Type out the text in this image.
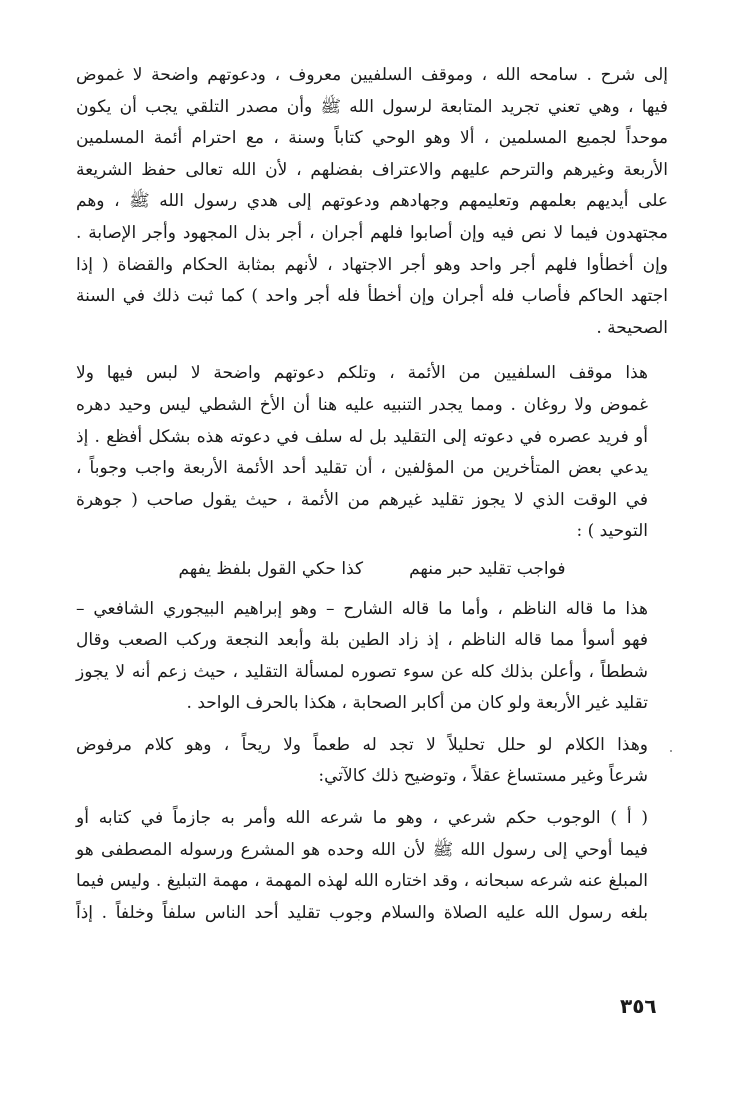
إلى شرح . سامحه الله ، وموقف السلفيين معروف ، ودعوتهم واضحة لا غموض
فيها ، وهي تعني تجريد المتابعة لرسول الله ﷺ وأن مصدر التلقي يجب أن يكون
موحداً لجميع المسلمين ، ألا وهو الوحي كتاباً وسنة ، مع احترام أئمة المسلمين
الأربعة وغيرهم والترحم عليهم والاعتراف بفضلهم ، لأن الله تعالى حفظ الشريعة
على أيديهم بعلمهم وتعليمهم وجهادهم ودعوتهم إلى هدي رسول الله ﷺ ، وهم
مجتهدون فيما لا نص فيه وإن أصابوا فلهم أجران ، أجر بذل المجهود وأجر الإصابة .
وإن أخطأوا فلهم أجر واحد وهو أجر الاجتهاد ، لأنهم بمثابة الحكام والقضاة ( إذا
اجتهد الحاكم فأصاب فله أجران وإن أخطأ فله أجر واحد ) كما ثبت ذلك في السنة
الصحيحة .

هذا موقف السلفيين من الأئمة ، وتلكم دعوتهم واضحة لا لبس فيها ولا
غموض ولا روغان . ومما يجدر التنبيه عليه هنا أن الأخ الشطي ليس وحيد دهره
أو فريد عصره في دعوته إلى التقليد بل له سلف في دعوته هذه بشكل أفظع . إذ
يدعي بعض المتأخرين من المؤلفين ، أن تقليد أحد الأئمة الأربعة واجب وجوباً ،
في الوقت الذي لا يجوز تقليد غيرهم من الأئمة ، حيث يقول صاحب ( جوهرة
التوحيد ) :

فواجب تقليد حبر منهم
كذا حكي القول بلفظ يفهم

هذا ما قاله الناظم ، وأما ما قاله الشارح – وهو إبراهيم البيجوري الشافعي –
فهو أسوأ مما قاله الناظم ، إذ زاد الطين بلة وأبعد النجعة وركب الصعب وقال
شططاً ، وأعلن بذلك كله عن سوء تصوره لمسألة التقليد ، حيث زعم أنه لا يجوز
تقليد غير الأربعة ولو كان من أكابر الصحابة ، هكذا بالحرف الواحد .

وهذا الكلام لو حلل تحليلاً لا تجد له طعماً ولا ريحاً ، وهو كلام مرفوض
شرعاً وغير مستساغ عقلاً ، وتوضيح ذلك كالآتي:

( أ ) الوجوب حكم شرعي ، وهو ما شرعه الله وأمر به جازماً في كتابه أو
فيما أوحي إلى رسول الله ﷺ لأن الله وحده هو المشرع ورسوله المصطفى هو
المبلغ عنه شرعه سبحانه ، وقد اختاره الله لهذه المهمة ، مهمة التبليغ . وليس فيما
بلغه رسول الله عليه الصلاة والسلام وجوب تقليد أحد الناس سلفاً وخلفاً . إذاً

٣٥٦
